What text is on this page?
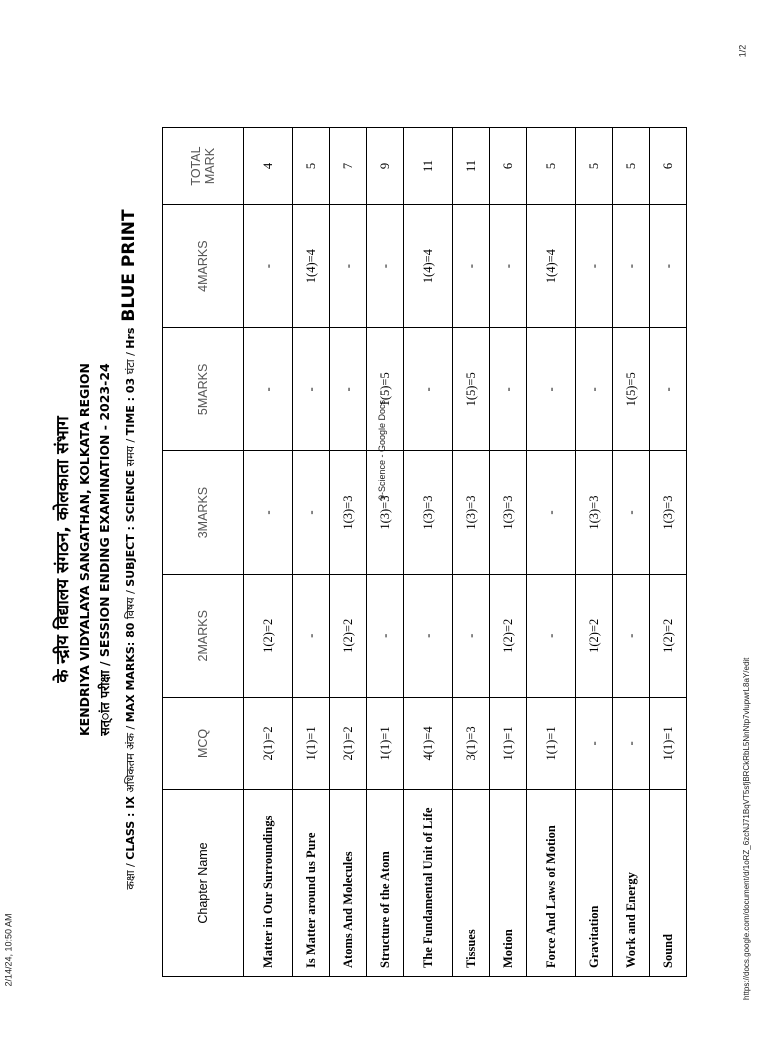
2/14/24, 10:50 AM
9-Science - Google Docs
https://docs.google.com/document/d/1oRZ_6zcNJ71BqVT5sfjBRCkRbL5NnNtp7vlupwrL8aY/edit
1/2
के न्द्रीय विद्यालय संगठन, कोलकाता संभाग KENDRIYA VIDYALAYA SANGATHAN, KOLKATA REGION सत्ांत परीक्षा / SESSION ENDING EXAMINATION - 2023-24
कक्षा / CLASS : IX अधिकतम अंक / MAX MARKS: 80 विषय / SUBJECT : SCIENCE समय / TIME : 03 घंटा / Hrs BLUE PRINT
Chapter Name	MCQ	2MARKS	3MARKS	5MARKS	4MARKS	TOTAL MARK
Matter in Our Surroundings	2(1)=2	1(2)=2	-	-	-	4
Is Matter around us Pure	1(1)=1	-	-	-	1(4)=4	5
Atoms And Molecules	2(1)=2	1(2)=2	1(3)=3	-	-	7
Structure of the Atom	1(1)=1	-	1(3)=3	1(5)=5	-	9
The Fundamental Unit of Life	4(1)=4	-	1(3)=3	-	1(4)=4	11
Tissues	3(1)=3	-	1(3)=3	1(5)=5	-	11
Motion	1(1)=1	1(2)=2	1(3)=3	-	-	6
Force And Laws of Motion	1(1)=1	-	-	-	1(4)=4	5
Gravitation	-	1(2)=2	1(3)=3	-	-	5
Work and Energy	-	-	-	1(5)=5	-	5
Sound	1(1)=1	1(2)=2	1(3)=3	-	-	6
